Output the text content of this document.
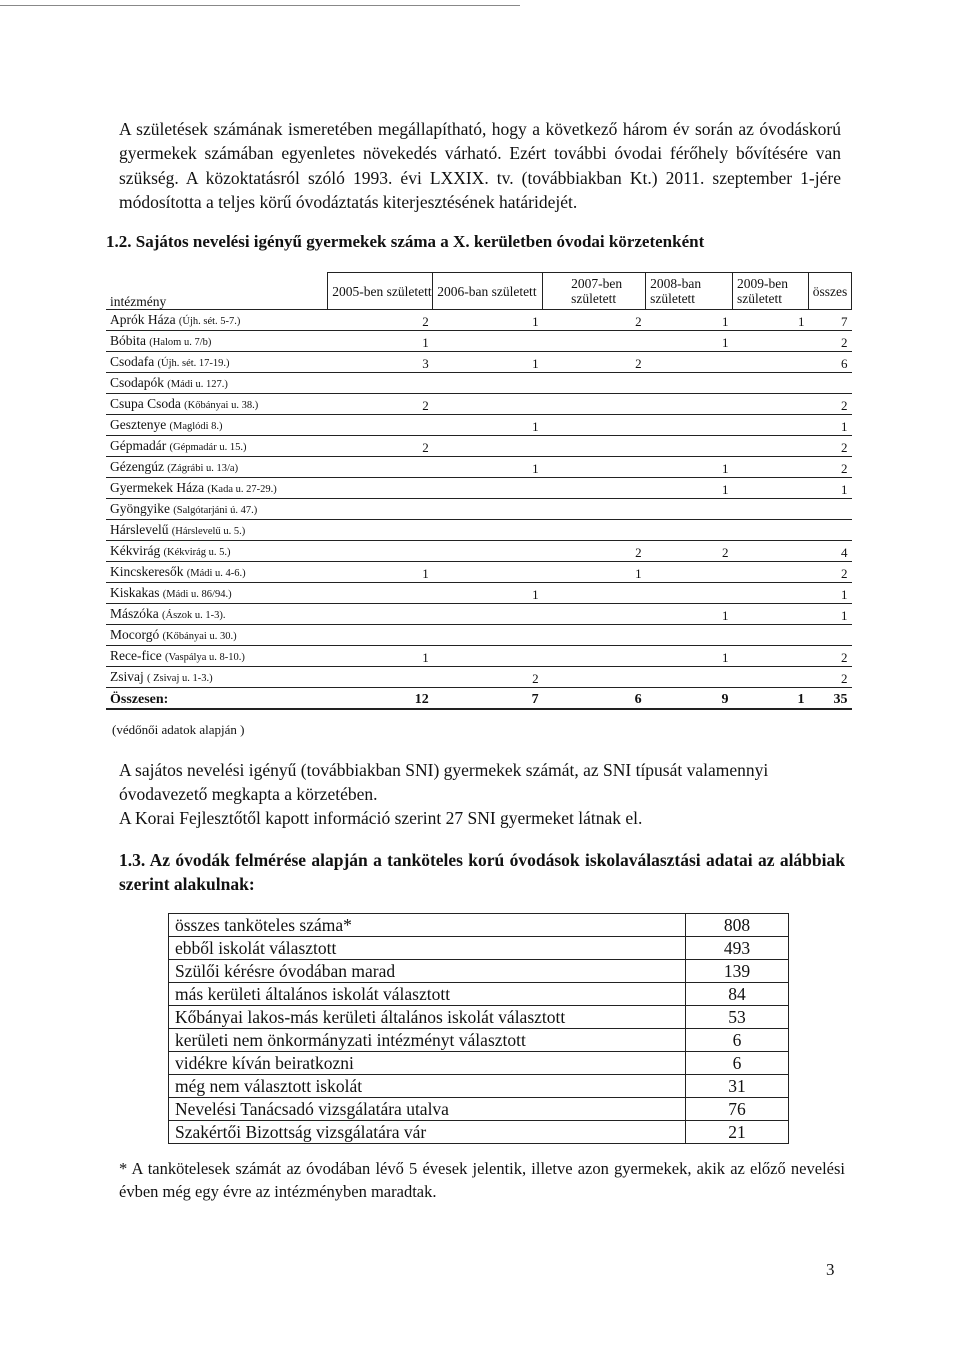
A születések számának ismeretében megállapítható, hogy a következő három év során az óvodáskorú gyermekek számában egyenletes növekedés várható. Ezért további óvodai férőhely bővítésére van szükség. A közoktatásról szóló 1993. évi LXXIX. tv. (továbbiakban Kt.) 2011. szeptember 1-jére módosította a teljes körű óvodáztatás kiterjesztésének határidejét.

1.2. Sajátos nevelési igényű gyermekek száma a X. kerületben óvodai körzetenként
intézmény	2005-ben született	2006-ban született	2007-ben született	2008-ban született	2009-ben született	összes
Aprók Háza (Újh. sét. 5-7.)	2	1	2	1	1	7
Bóbita (Halom u. 7/b)	1			1		2
Csodafa (Újh. sét. 17-19.)	3	1	2			6
Csodapók (Mádi u. 127.)						
Csupa Csoda (Kőbányai u. 38.)	2					2
Gesztenye (Maglódi 8.)		1				1
Gépmadár (Gépmadár u. 15.)	2					2
Gézengúz (Zágrábi u. 13/a)		1		1		2
Gyermekek Háza (Kada u. 27-29.)				1		1
Gyöngyike (Salgótarjáni ú. 47.)						
Hárslevelű (Hárslevelű u. 5.)						
Kékvirág (Kékvirág u. 5.)			2	2		4
Kincskeresők (Mádi u. 4-6.)	1		1			2
Kiskakas (Mádi u. 86/94.)		1				1
Mászóka (Ászok u. 1-3).				1		1
Mocorgó (Kőbányai u. 30.)						
Rece-fice (Vaspálya u. 8-10.)	1			1		2
Zsivaj ( Zsivaj u. 1-3.)		2				2
Összesen:	12	7	6	9	1	35
(védőnői adatok alapján )
A sajátos nevelési igényű (továbbiakban SNI) gyermekek számát, az SNI típusát valamennyi óvodavezető megkapta a körzetében.
A Korai Fejlesztőtől kapott információ szerint 27 SNI gyermeket látnak el.
1.3. Az óvodák felmérése alapján a tanköteles korú óvodások iskolaválasztási adatai az alábbiak szerint alakulnak:
összes tanköteles száma*	808
ebből iskolát választott	493
Szülői kérésre óvodában marad	139
más kerületi általános iskolát választott	84
Kőbányai lakos-más kerületi általános iskolát választott	53
kerületi nem önkormányzati intézményt választott	6
vidékre kíván beiratkozni	6
még nem választott iskolát	31
Nevelési Tanácsadó vizsgálatára utalva	76
Szakértői Bizottság vizsgálatára vár	21

* A tankötelesek számát az óvodában lévő 5 évesek jelentik, illetve azon gyermekek, akik az előző nevelési évben még egy évre az intézményben maradtak.

3
